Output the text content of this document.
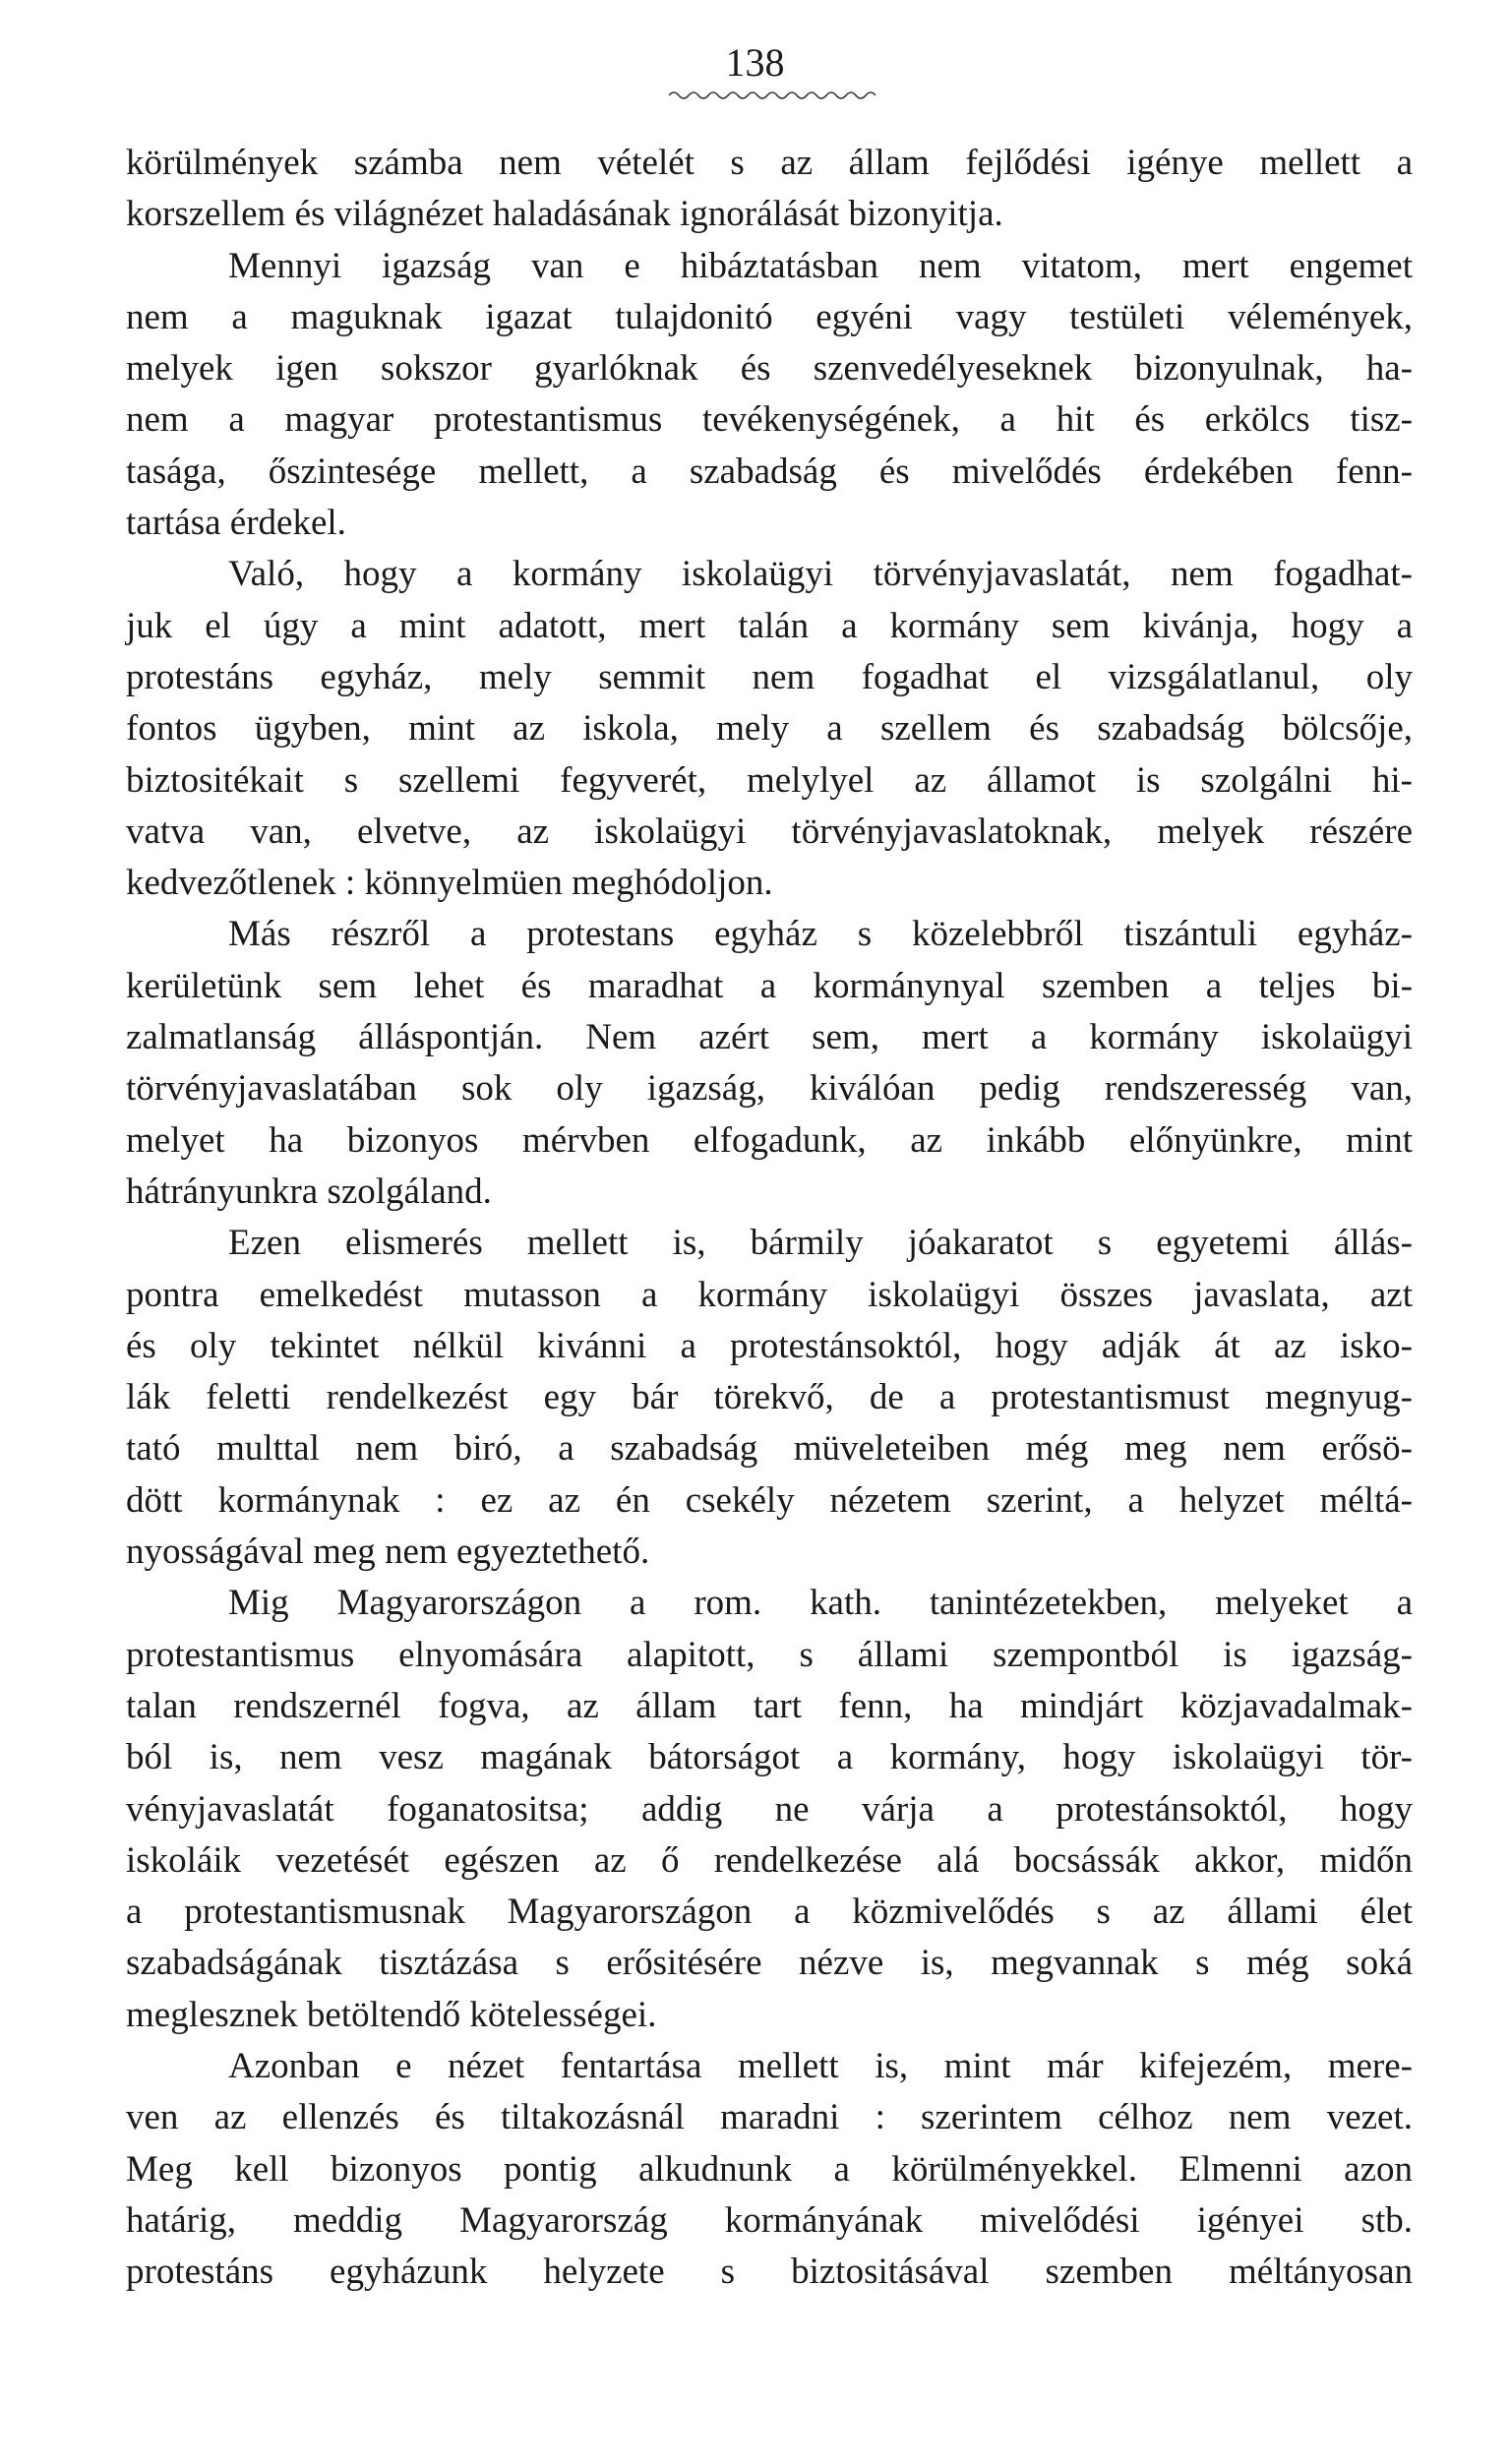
138
körülmények számba nem vételét s az állam fejlődési igénye mellett a
korszellem és világnézet haladásának ignorálását bizonyitja.
Mennyi igazság van e hibáztatásban nem vitatom, mert engemet
nem a maguknak igazat tulajdonitó egyéni vagy testületi vélemények,
melyek igen sokszor gyarlóknak és szenvedélyeseknek bizonyulnak, ha-
nem a magyar protestantismus tevékenységének, a hit és erkölcs tisz-
tasága, őszintesége mellett, a szabadság és mivelődés érdekében fenn-
tartása érdekel.
Való, hogy a kormány iskolaügyi törvényjavaslatát, nem fogadhat-
juk el úgy a mint adatott, mert talán a kormány sem kivánja, hogy a
protestáns egyház, mely semmit nem fogadhat el vizsgálatlanul, oly
fontos ügyben, mint az iskola, mely a szellem és szabadság bölcsője,
biztositékait s szellemi fegyverét, melylyel az államot is szolgálni hi-
vatva van, elvetve, az iskolaügyi törvényjavaslatoknak, melyek részére
kedvezőtlenek : könnyelmüen meghódoljon.
Más részről a protestans egyház s közelebbről tiszántuli egyház-
kerületünk sem lehet és maradhat a kormánynyal szemben a teljes bi-
zalmatlanság álláspontján. Nem azért sem, mert a kormány iskolaügyi
törvényjavaslatában sok oly igazság, kiválóan pedig rendszeresség van,
melyet ha bizonyos mérvben elfogadunk, az inkább előnyünkre, mint
hátrányunkra szolgáland.
Ezen elismerés mellett is, bármily jóakaratot s egyetemi állás-
pontra emelkedést mutasson a kormány iskolaügyi összes javaslata, azt
és oly tekintet nélkül kivánni a protestánsoktól, hogy adják át az isko-
lák feletti rendelkezést egy bár törekvő, de a protestantismust megnyug-
tató multtal nem biró, a szabadság müveleteiben még meg nem erősö-
dött kormánynak : ez az én csekély nézetem szerint, a helyzet méltá-
nyosságával meg nem egyeztethető.
Mig Magyarországon a rom. kath. tanintézetekben, melyeket a
protestantismus elnyomására alapitott, s állami szempontból is igazság-
talan rendszernél fogva, az állam tart fenn, ha mindjárt közjavadalmak-
ból is, nem vesz magának bátorságot a kormány, hogy iskolaügyi tör-
vényjavaslatát foganatositsa; addig ne várja a protestánsoktól, hogy
iskoláik vezetését egészen az ő rendelkezése alá bocsássák akkor, midőn
a protestantismusnak Magyarországon a közmivelődés s az állami élet
szabadságának tisztázása s erősitésére nézve is, megvannak s még soká
meglesznek betöltendő kötelességei.
Azonban e nézet fentartása mellett is, mint már kifejezém, mere-
ven az ellenzés és tiltakozásnál maradni : szerintem célhoz nem vezet.
Meg kell bizonyos pontig alkudnunk a körülményekkel. Elmenni azon
határig, meddig Magyarország kormányának mivelődési igényei stb.
protestáns egyházunk helyzete s biztositásával szemben méltányosan
